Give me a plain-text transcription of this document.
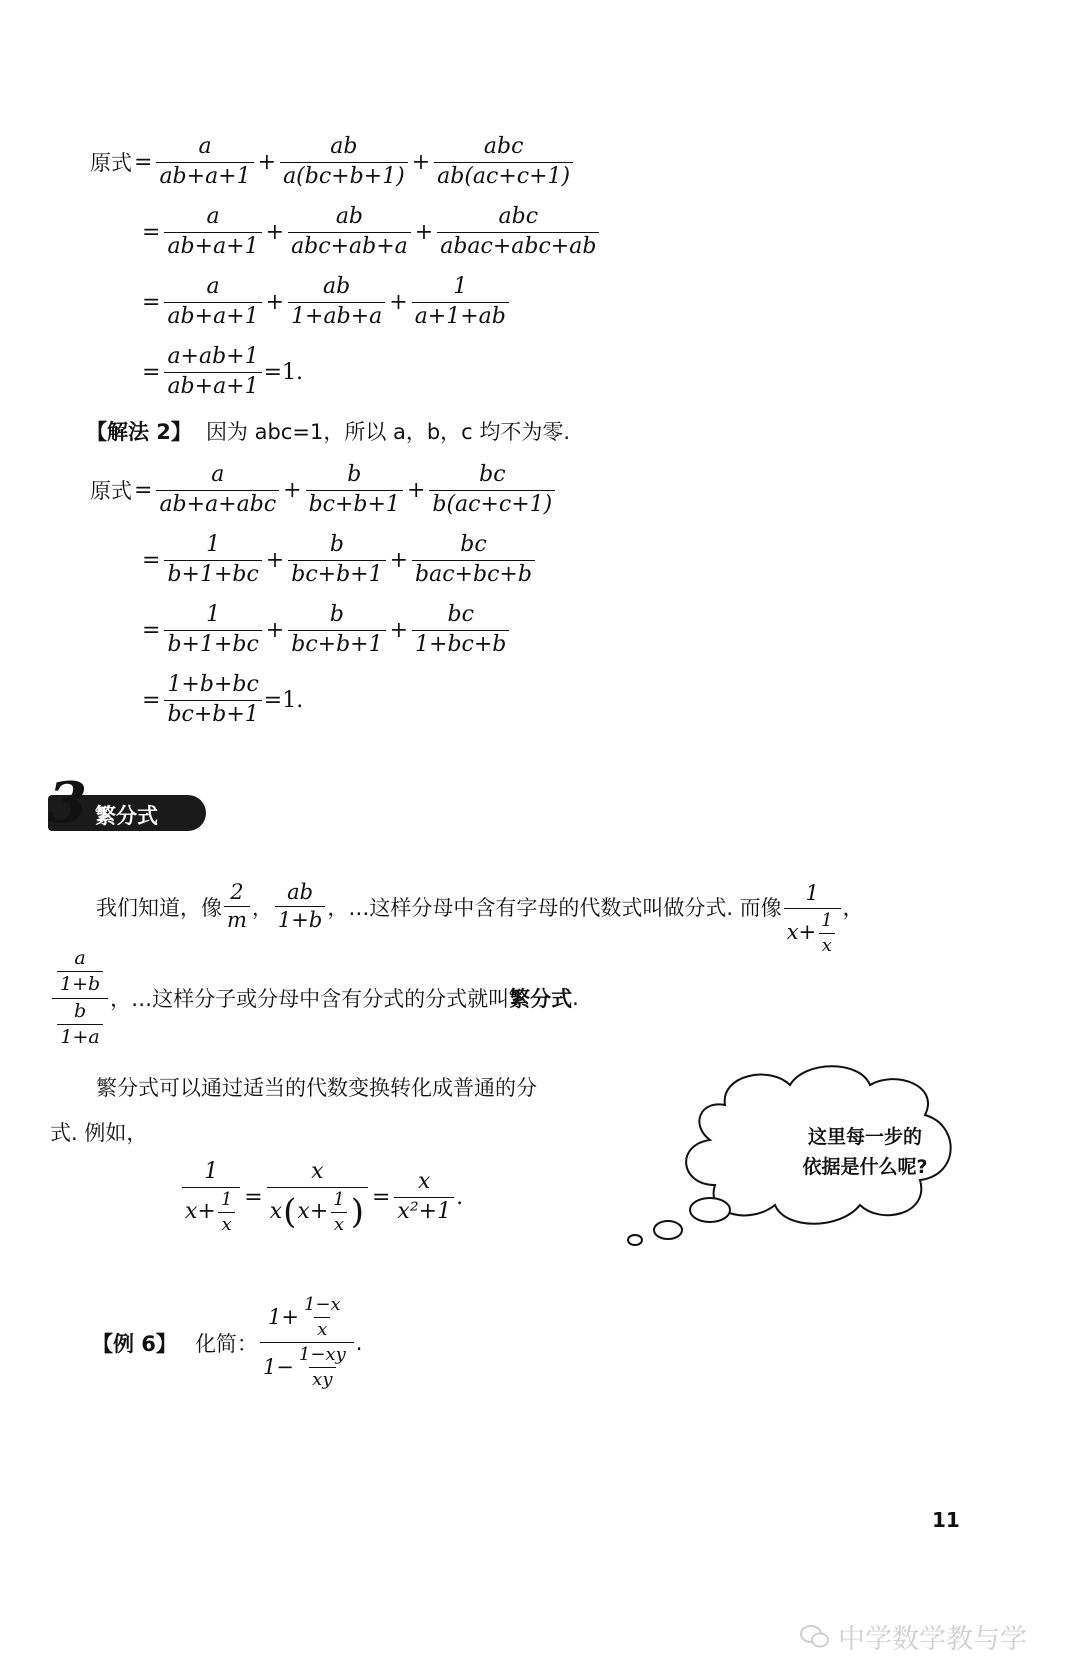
原式 = $\frac{a}{ab+a+1} + \frac{ab}{a(bc+b+1)} + \frac{\text{abc}}{ab(ac+c+1)}$
= $\frac{a}{ab+a+1} + \frac{ab}{\text{abc+ab+a}} + \frac{\text{abc}}{\text{abac+abc+ab}}$
= $\frac{a}{ab+a+1} + \frac{ab}{1+ab+a} + \frac{1}{a+1+ab}$
= $\frac{a+ab+1}{ab+a+1} =1$.
【解法 2】 因为 abc=1，所以 a，b，c 均不为零.
原式 = $\frac{a}{\text{ab+a+abc}} + \frac{b}{bc+b+1} + \frac{bc}{b(ac+c+1)}$
= $\frac{1}{b+1+bc} + \frac{b}{bc+b+1} + \frac{bc}{\text{bac+bc+b}}$
= $\frac{1}{b+1+bc} + \frac{b}{bc+b+1} + \frac{bc}{1+bc+b}$
= $\frac{1+b+bc}{bc+b+1} =1$.
3 繁分式
我们知道，像 $\frac{2}{m}$ ， $\frac{ab}{1+b}$ ，…这样分母中含有字母的代数式叫做分式. 而像 $\frac{1}{x+ \frac{1}{x}}$ ，
$\frac{\frac{a}{1+b}}{\frac{b}{1+a}}$ ，…这样分子或分母中含有分式的分式就叫 繁分式 .
繁分式可以通过适当的代数变换转化成普通的分
式. 例如，
$\frac{1}{x+ \frac{1}{x}} = \frac{x}{x ( x+ \frac{1}{x} )} = \frac{x}{\text{x²+1}}$ .
这里每一步的
依据是什么呢?
【例 6】 化简： $\frac{1+ \frac{1-x}{x}}{1- \frac{1-xy}{xy}}$ .
11
中学数学教与学
